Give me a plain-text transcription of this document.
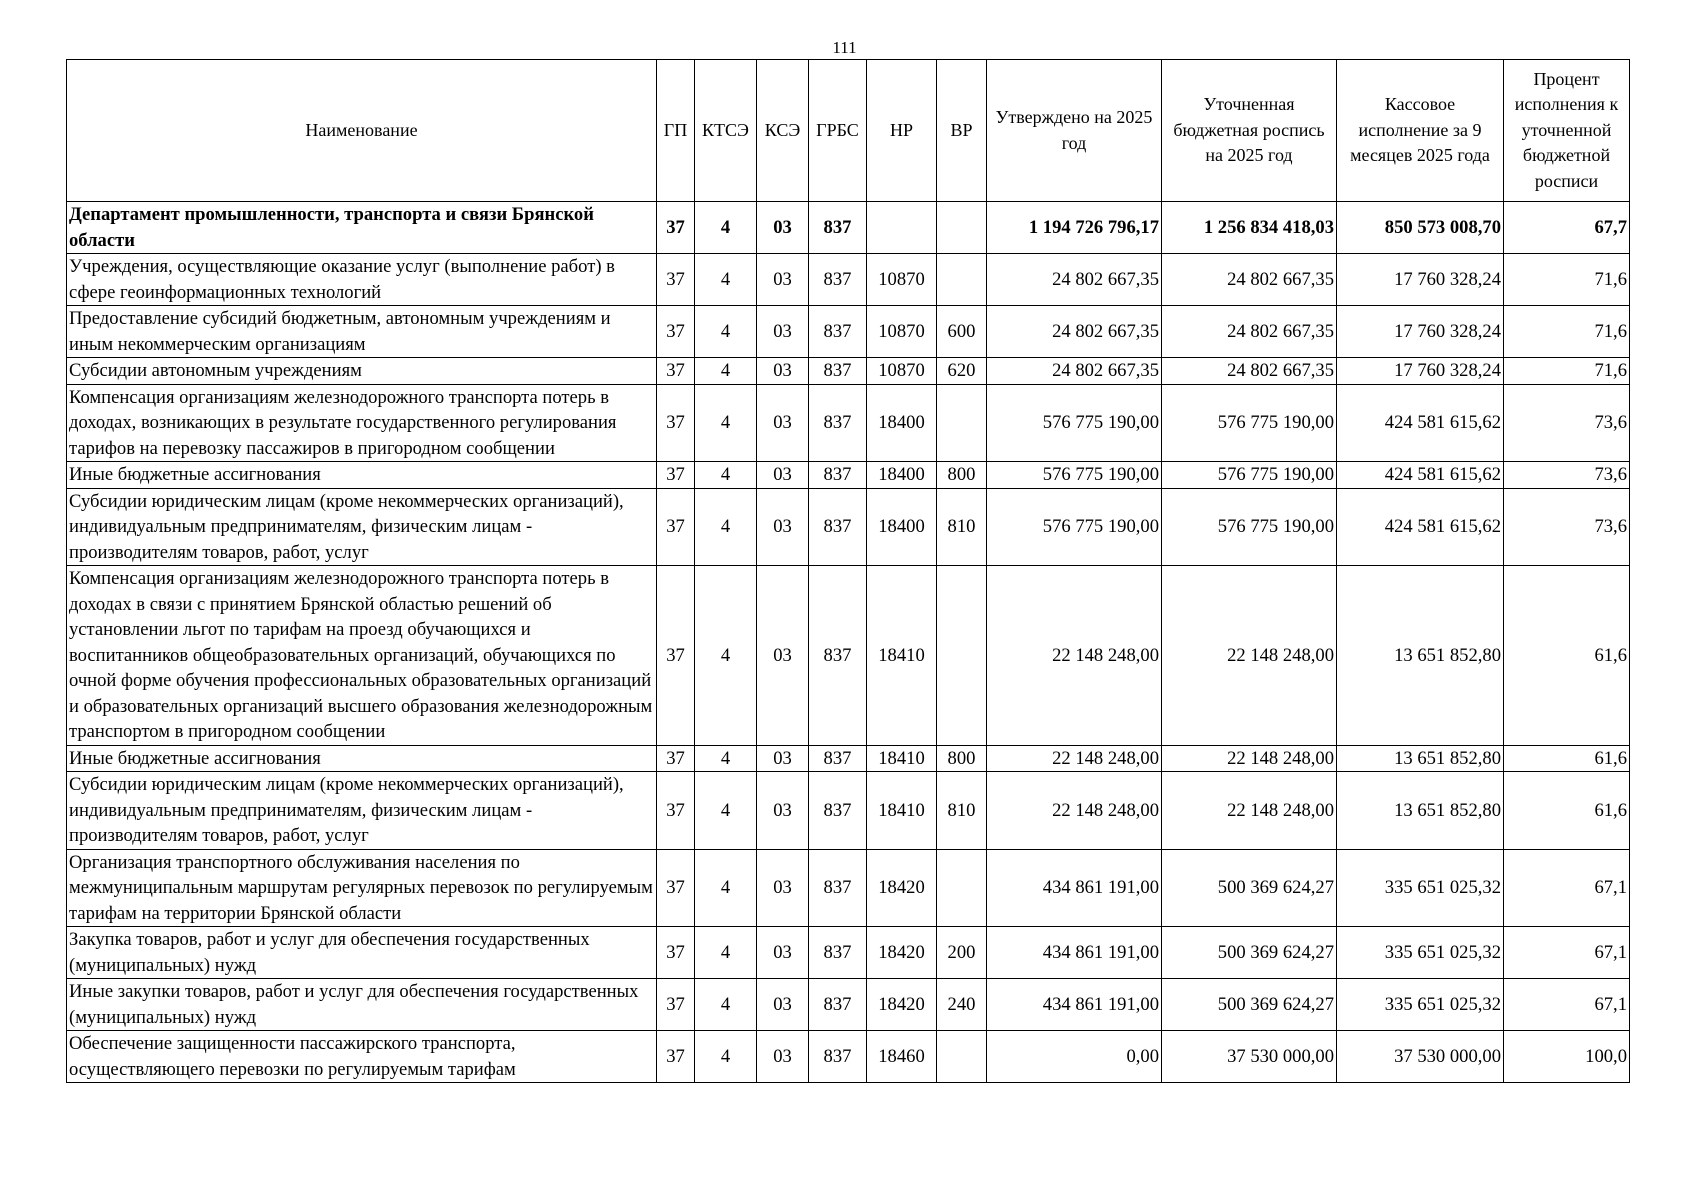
111
Наименование	ГП	КТСЭ	КСЭ	ГРБС	НР	ВР	Утверждено на 2025 год	Уточненная бюджетная роспись на 2025 год	Кассовое исполнение за 9 месяцев 2025 года	Процент исполнения к уточненной бюджетной росписи
Департамент промышленности, транспорта и связи Брянской области	37	4	03	837			1 194 726 796,17	1 256 834 418,03	850 573 008,70	67,7
Учреждения, осуществляющие оказание услуг (выполнение работ) в сфере геоинформационных технологий	37	4	03	837	10870		24 802 667,35	24 802 667,35	17 760 328,24	71,6
Предоставление субсидий бюджетным, автономным учреждениям и иным некоммерческим организациям	37	4	03	837	10870	600	24 802 667,35	24 802 667,35	17 760 328,24	71,6
Субсидии автономным учреждениям	37	4	03	837	10870	620	24 802 667,35	24 802 667,35	17 760 328,24	71,6
Компенсация организациям железнодорожного транспорта потерь в доходах, возникающих в результате государственного регулирования тарифов на перевозку пассажиров в пригородном сообщении	37	4	03	837	18400		576 775 190,00	576 775 190,00	424 581 615,62	73,6
Иные бюджетные ассигнования	37	4	03	837	18400	800	576 775 190,00	576 775 190,00	424 581 615,62	73,6
Субсидии юридическим лицам (кроме некоммерческих организаций), индивидуальным предпринимателям, физическим лицам - производителям товаров, работ, услуг	37	4	03	837	18400	810	576 775 190,00	576 775 190,00	424 581 615,62	73,6
Компенсация организациям железнодорожного транспорта потерь в доходах в связи с принятием Брянской областью решений об установлении льгот по тарифам на проезд обучающихся и воспитанников общеобразовательных организаций, обучающихся по очной форме обучения профессиональных образовательных организаций и образовательных организаций высшего образования железнодорожным транспортом в пригородном сообщении	37	4	03	837	18410		22 148 248,00	22 148 248,00	13 651 852,80	61,6
Иные бюджетные ассигнования	37	4	03	837	18410	800	22 148 248,00	22 148 248,00	13 651 852,80	61,6
Субсидии юридическим лицам (кроме некоммерческих организаций), индивидуальным предпринимателям, физическим лицам - производителям товаров, работ, услуг	37	4	03	837	18410	810	22 148 248,00	22 148 248,00	13 651 852,80	61,6
Организация транспортного обслуживания населения по межмуниципальным маршрутам регулярных перевозок по регулируемым тарифам на территории Брянской области	37	4	03	837	18420		434 861 191,00	500 369 624,27	335 651 025,32	67,1
Закупка товаров, работ и услуг для обеспечения государственных (муниципальных) нужд	37	4	03	837	18420	200	434 861 191,00	500 369 624,27	335 651 025,32	67,1
Иные закупки товаров, работ и услуг для обеспечения государственных (муниципальных) нужд	37	4	03	837	18420	240	434 861 191,00	500 369 624,27	335 651 025,32	67,1
Обеспечение защищенности пассажирского транспорта, осуществляющего перевозки по регулируемым тарифам	37	4	03	837	18460		0,00	37 530 000,00	37 530 000,00	100,0
